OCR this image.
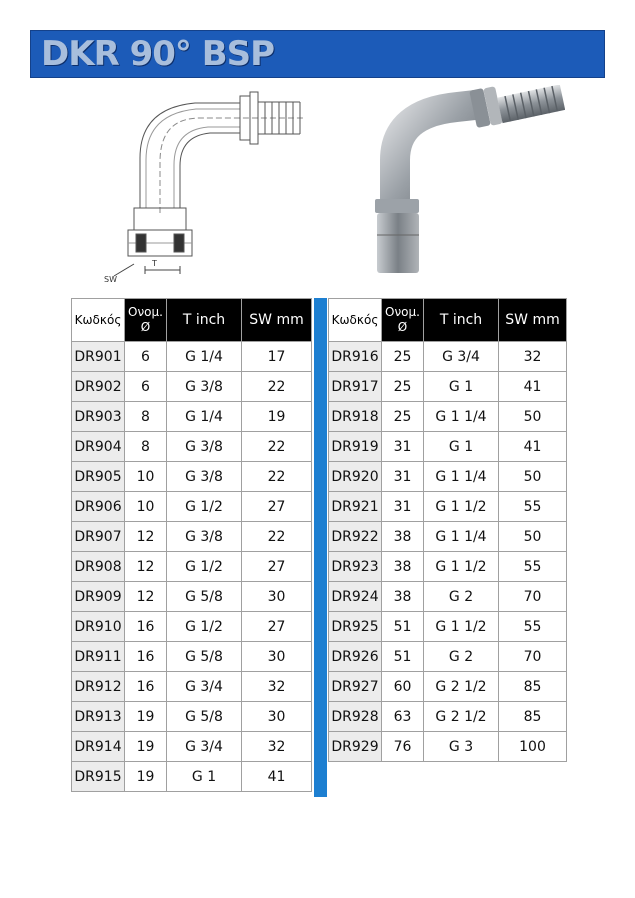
DKR 90° BSP
SW
T
Κωδκός	Ονομ.
Ø	T inch	SW mm
DR901	6	G 1/4	17
DR902	6	G 3/8	22
DR903	8	G 1/4	19
DR904	8	G 3/8	22
DR905	10	G 3/8	22
DR906	10	G 1/2	27
DR907	12	G 3/8	22
DR908	12	G 1/2	27
DR909	12	G 5/8	30
DR910	16	G 1/2	27
DR911	16	G 5/8	30
DR912	16	G 3/4	32
DR913	19	G 5/8	30
DR914	19	G 3/4	32
DR915	19	G 1	41
Κωδκός	Ονομ.
Ø	T inch	SW mm
DR916	25	G 3/4	32
DR917	25	G 1	41
DR918	25	G 1 1/4	50
DR919	31	G 1	41
DR920	31	G 1 1/4	50
DR921	31	G 1 1/2	55
DR922	38	G 1 1/4	50
DR923	38	G 1 1/2	55
DR924	38	G 2	70
DR925	51	G 1 1/2	55
DR926	51	G 2	70
DR927	60	G 2 1/2	85
DR928	63	G 2 1/2	85
DR929	76	G 3	100
